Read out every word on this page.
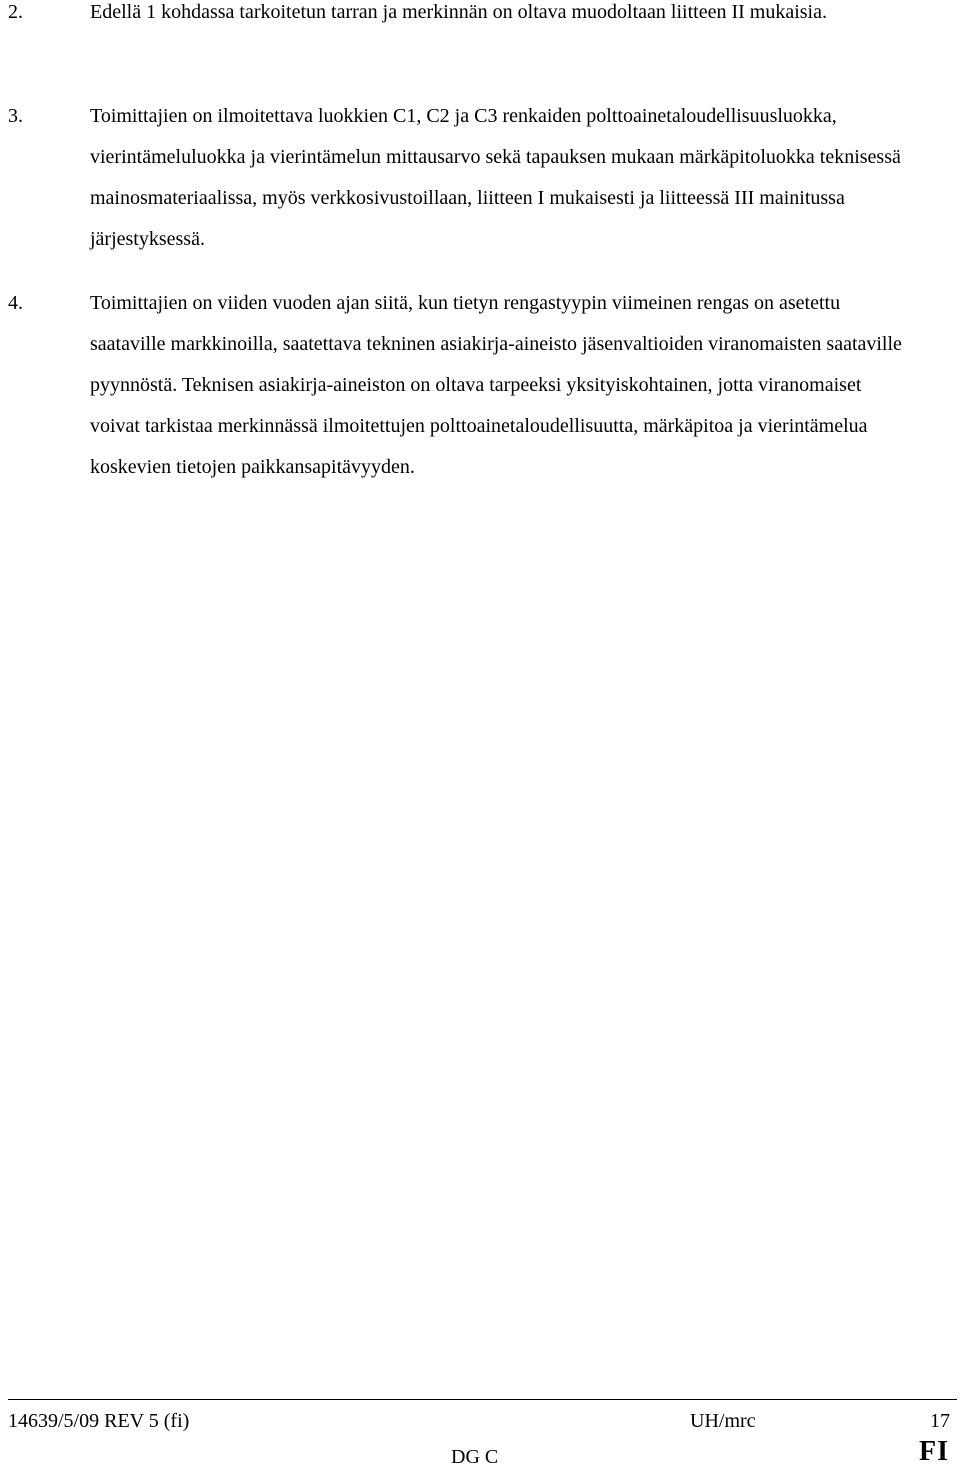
2.	Edellä 1 kohdassa tarkoitetun tarran ja merkinnän on oltava muodoltaan liitteen II mukaisia.
3.	Toimittajien on ilmoitettava luokkien C1, C2 ja C3 renkaiden polttoainetaloudellisuusluokka, vierintämeluluokka ja vierintämelun mittausarvo sekä tapauksen mukaan märkäpitoluokka teknisessä mainosmateriaalissa, myös verkkosivustoillaan, liitteen I mukaisesti ja liitteessä III mainitussa järjestyksessä.
4.	Toimittajien on viiden vuoden ajan siitä, kun tietyn rengastyypin viimeinen rengas on asetettu saataville markkinoilla, saatettava tekninen asiakirja-aineisto jäsenvaltioiden viranomaisten saataville pyynnöstä. Teknisen asiakirja-aineiston on oltava tarpeeksi yksityiskohtainen, jotta viranomaiset voivat tarkistaa merkinnässä ilmoitettujen polttoainetaloudellisuutta, märkäpitoa ja vierintämelua koskevien tietojen paikkansapitävyyden.
14639/5/09 REV 5 (fi)	UH/mrc	17
DG C	FI
